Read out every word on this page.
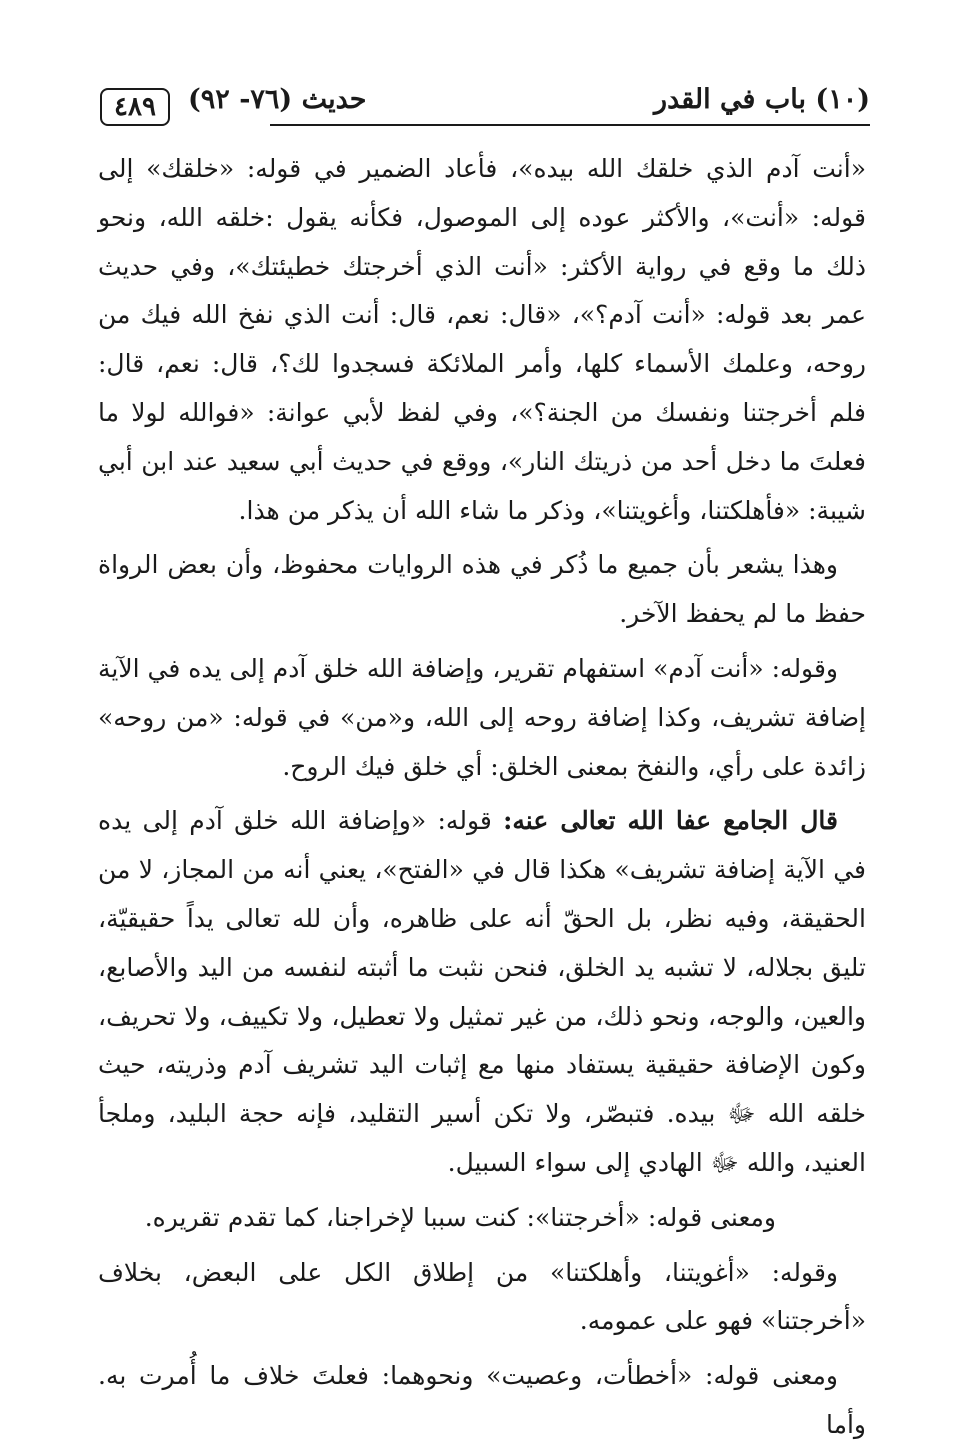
٤٨٩ حديث (٧٦- ٩٢)	(١٠) باب في القدر

«أنت آدم الذي خلقك الله بيده»، فأعاد الضمير في قوله: «خلقك» إلى قوله: «أنت»، والأكثر عوده إلى الموصول، فكأنه يقول :خلقه الله، ونحو ذلك ما وقع في رواية الأكثر: «أنت الذي أخرجتك خطيئتك»، وفي حديث عمر بعد قوله: «أنت آدم؟»، «قال: نعم، قال: أنت الذي نفخ الله فيك من روحه، وعلمك الأسماء كلها، وأمر الملائكة فسجدوا لك؟، قال: نعم، قال: فلم أخرجتنا ونفسك من الجنة؟»، وفي لفظ لأبي عوانة: «فوالله لولا ما فعلتَ ما دخل أحد من ذريتك النار»، ووقع في حديث أبي سعيد عند ابن أبي شيبة: «فأهلكتنا، وأغويتنا»، وذكر ما شاء الله أن يذكر من هذا.

وهذا يشعر بأن جميع ما ذُكر في هذه الروايات محفوظ، وأن بعض الرواة حفظ ما لم يحفظ الآخر.

وقوله: «أنت آدم» استفهام تقرير، وإضافة الله خلق آدم إلى يده في الآية إضافة تشريف، وكذا إضافة روحه إلى الله، و«من» في قوله: «من روحه» زائدة على رأي، والنفخ بمعنى الخلق: أي خلق فيك الروح.

قال الجامع عفا الله تعالى عنه: قوله: «وإضافة الله خلق آدم إلى يده في الآية إضافة تشريف» هكذا قال في «الفتح»، يعني أنه من المجاز، لا من الحقيقة، وفيه نظر، بل الحقّ أنه على ظاهره، وأن لله تعالى يداً حقيقيّة، تليق بجلاله، لا تشبه يد الخلق، فنحن نثبت ما أثبته لنفسه من اليد والأصابع، والعين، والوجه، ونحو ذلك، من غير تمثيل ولا تعطيل، ولا تكييف، ولا تحريف، وكون الإضافة حقيقية يستفاد منها مع إثبات اليد تشريف آدم وذريته، حيث خلقه الله ﷻ بيده. فتبصّر، ولا تكن أسير التقليد، فإنه حجة البليد، وملجأ العنيد، والله ﷻ الهادي إلى سواء السبيل.

ومعنى قوله: «أخرجتنا»: كنت سببا لإخراجنا، كما تقدم تقريره.

وقوله: «أغويتنا، وأهلكتنا» من إطلاق الكل على البعض، بخلاف «أخرجتنا» فهو على عمومه.

ومعنى قوله: «أخطأت، وعصيت» ونحوهما: فعلتَ خلاف ما أُمرت به. وأما
